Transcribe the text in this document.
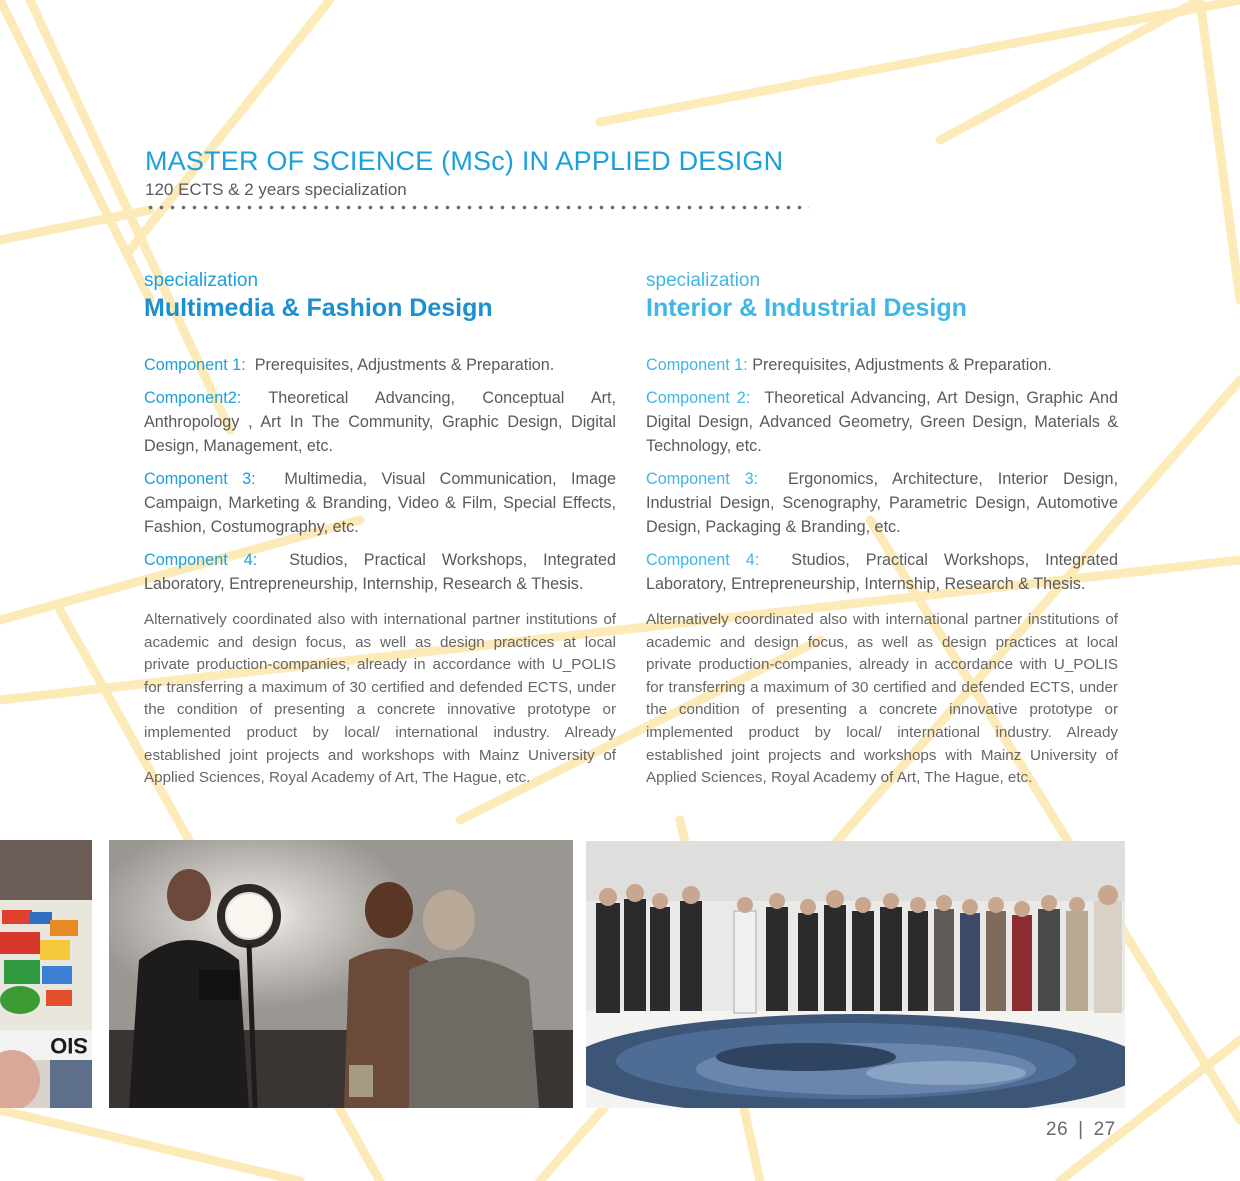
MASTER OF SCIENCE (MSc) IN APPLIED DESIGN
120 ECTS & 2 years specialization
specialization
Multimedia & Fashion Design

Component 1: Prerequisites, Adjustments & Preparation.

Component2: Theoretical Advancing, Conceptual Art, Anthropology , Art In The Community, Graphic Design, Digital Design, Management, etc.

Component 3: Multimedia, Visual Communication, Image Campaign, Marketing & Branding, Video & Film, Special Effects, Fashion, Costumography, etc.

Component 4: Studios, Practical Workshops, Integrated Laboratory, Entrepreneurship, Internship, Research & Thesis.

Alternatively coordinated also with international partner institutions of academic and design focus, as well as design practices at local private production-companies, already in accordance with U_POLIS for transferring a maximum of 30 certified and defended ECTS, under the condition of presenting a concrete innovative prototype or implemented product by local/ international industry. Already established joint projects and workshops with Mainz University of Applied Sciences, Royal Academy of Art, The Hague, etc.

specialization
Interior & Industrial Design

Component 1: Prerequisites, Adjustments & Preparation.

Component 2: Theoretical Advancing, Art Design, Graphic And Digital Design, Advanced Geometry, Green Design, Materials & Technology, etc.

Component 3: Ergonomics, Architecture, Interior Design, Industrial Design, Scenography, Parametric Design, Automotive Design, Packaging & Branding, etc.

Component 4: Studios, Practical Workshops, Integrated Laboratory, Entrepreneurship, Internship, Research & Thesis.

Alternatively coordinated also with international partner institutions of academic and design focus, as well as design practices at local private production-companies, already in accordance with U_POLIS for transferring a maximum of 30 certified and defended ECTS, under the condition of presenting a concrete innovative prototype or implemented product by local/ international industry. Already established joint projects and workshops with Mainz University of Applied Sciences, Royal Academy of Art, The Hague, etc.

SIO
26 | 27
